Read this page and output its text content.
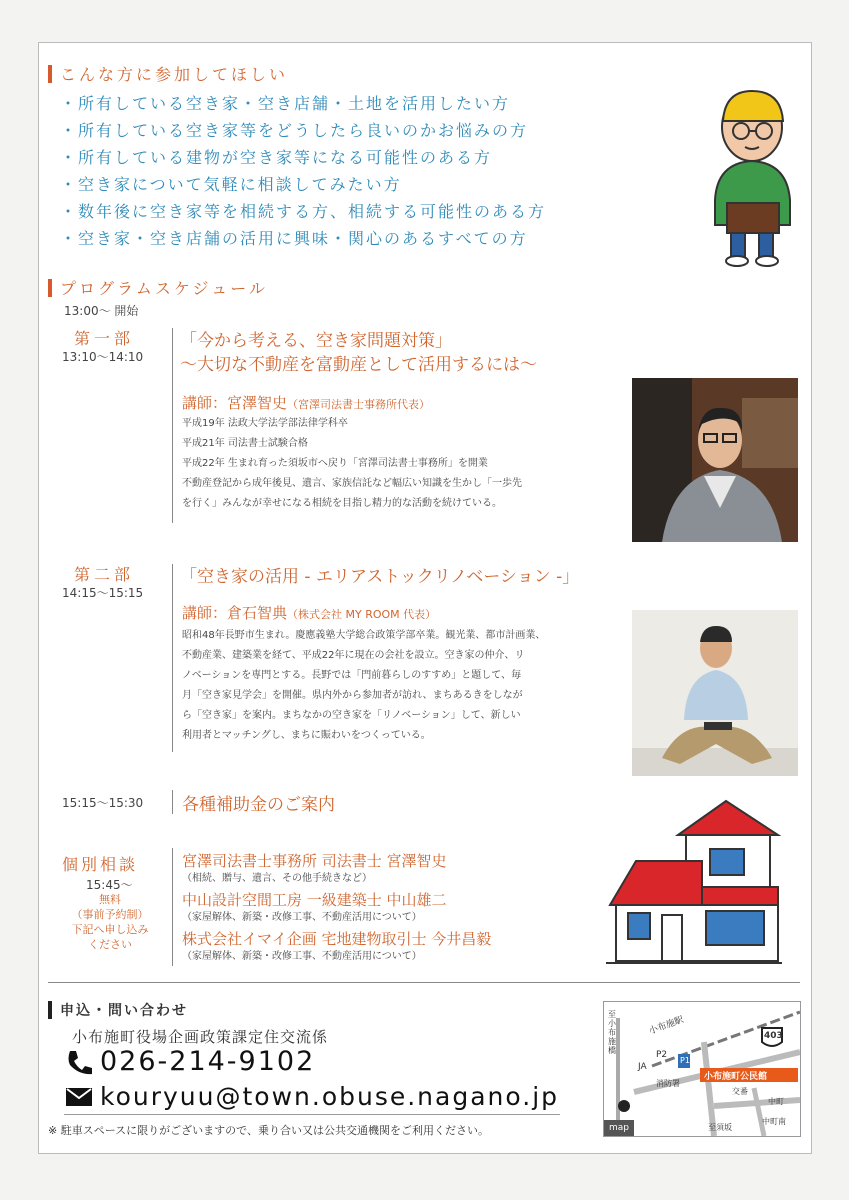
こんな方に参加してほしい
・所有している空き家・空き店舗・土地を活用したい方
・所有している空き家等をどうしたら良いのかお悩みの方
・所有している建物が空き家等になる可能性のある方
・空き家について気軽に相談してみたい方
・数年後に空き家等を相続する方、相続する可能性のある方
・空き家・空き店舗の活用に興味・関心のあるすべての方
プログラムスケジュール
13:00〜 開始
第一部
13:10〜14:10
「今から考える、空き家問題対策」
〜大切な不動産を富動産として活用するには〜
講師：宮澤智史（宮澤司法書士事務所代表）
平成19年 法政大学法学部法律学科卒
平成21年 司法書士試験合格
平成22年 生まれ育った須坂市へ戻り「宮澤司法書士事務所」を開業
不動産登記から成年後見、遺言、家族信託など幅広い知識を生かし「一歩先
を行く」みんなが幸せになる相続を目指し精力的な活動を続けている。
第二部
14:15〜15:15
「空き家の活用 - エリアストックリノベーション -」
講師：倉石智典（株式会社 MY ROOM 代表）
昭和48年長野市生まれ。慶應義塾大学総合政策学部卒業。観光業、都市計画業、
不動産業、建築業を経て、平成22年に現在の会社を設立。空き家の仲介、リ
ノベーションを専門とする。長野では「門前暮らしのすすめ」と題して、毎
月「空き家見学会」を開催。県内外から参加者が訪れ、まちあるきをしなが
ら「空き家」を案内。まちなかの空き家を「リノベーション」して、新しい
利用者とマッチングし、まちに賑わいをつくっている。
15:15〜15:30 各種補助金のご案内
個別相談
15:45〜
無料
（事前予約制）
下記へ申し込み
ください
宮澤司法書士事務所 司法書士 宮澤智史
（相続、贈与、遺言、その他手続きなど）
中山設計空間工房 一級建築士 中山雄二
（家屋解体、新築・改修工事、不動産活用について）
株式会社イマイ企画 宅地建物取引士 今井昌毅
（家屋解体、新築・改修工事、不動産活用について）
申込・問い合わせ
小布施町役場企画政策課定住交流係
026-214-9102
kouryuu@town.obuse.nagano.jp
※ 駐車スペースに限りがございますので、乗り合い又は公共交通機関をご利用ください。
至小布施橋
小布施駅	403
P1
P2
JA
消防署
小布施町公民館
交番
中町
中町南
至須坂
map
